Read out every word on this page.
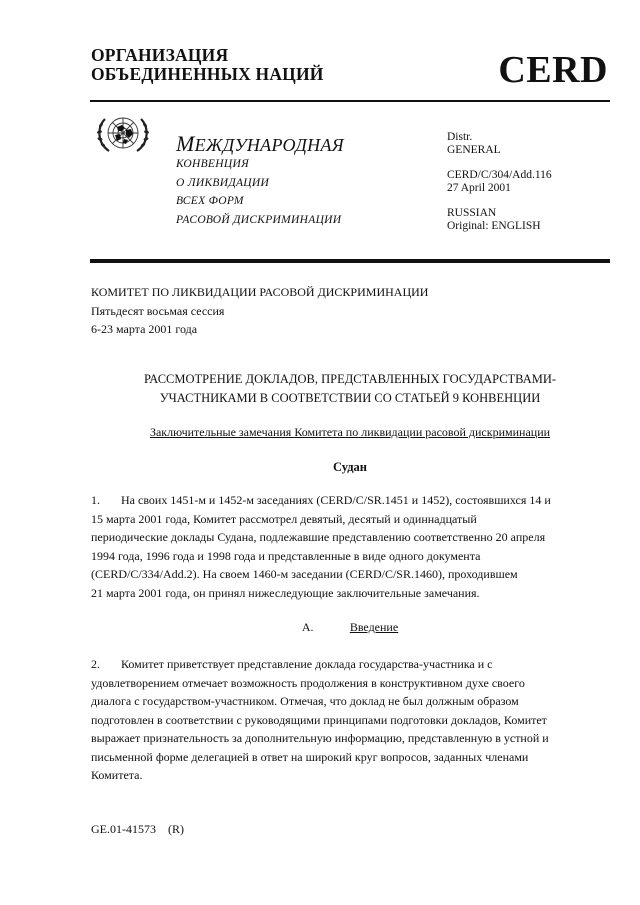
ОРГАНИЗАЦИЯ
ОБЪЕДИНЕННЫХ НАЦИЙ	CERD
МЕЖДУНАРОДНАЯ
КОНВЕНЦИЯ
О ЛИКВИДАЦИИ
ВСЕХ ФОРМ
РАСОВОЙ ДИСКРИМИНАЦИИ
Distr.
GENERAL
CERD/C/304/Add.116
27 April 2001
RUSSIAN
Original: ENGLISH
КОМИТЕТ ПО ЛИКВИДАЦИИ РАСОВОЙ ДИСКРИМИНАЦИИ
Пятьдесят восьмая сессия
6-23 марта 2001 года
РАССМОТРЕНИЕ ДОКЛАДОВ, ПРЕДСТАВЛЕННЫХ ГОСУДАРСТВАМИ-
УЧАСТНИКАМИ В СООТВЕТСТВИИ СО СТАТЬЕЙ 9 КОНВЕНЦИИ
Заключительные замечания Комитета по ликвидации расовой дискриминации
Судан
1. На своих 1451-м и 1452-м заседаниях (CERD/C/SR.1451 и 1452), состоявшихся 14 и
15 марта 2001 года, Комитет рассмотрел девятый, десятый и одиннадцатый
периодические доклады Судана, подлежавшие представлению соответственно 20 апреля
1994 года, 1996 года и 1998 года и представленные в виде одного документа
(CERD/C/334/Add.2). На своем 1460-м заседании (CERD/C/SR.1460), проходившем
21 марта 2001 года, он принял нижеследующие заключительные замечания.
A.	Введение
2. Комитет приветствует представление доклада государства-участника и с
удовлетворением отмечает возможность продолжения в конструктивном духе своего
диалога с государством-участником. Отмечая, что доклад не был должным образом
подготовлен в соответствии с руководящими принципами подготовки докладов, Комитет
выражает признательность за дополнительную информацию, представленную в устной и
письменной форме делегацией в ответ на широкий круг вопросов, заданных членами
Комитета.
GE.01-41573 (R)
